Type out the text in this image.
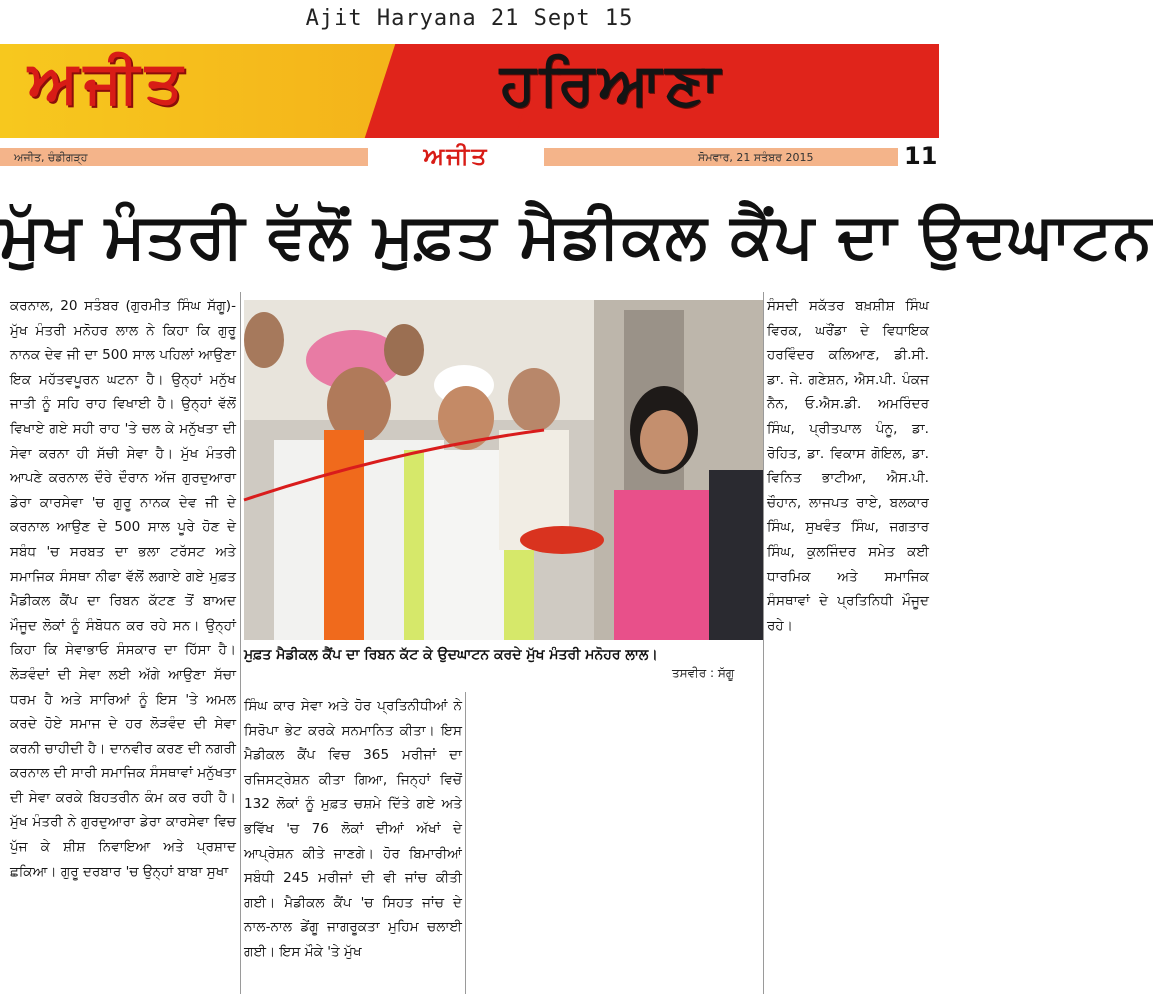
Ajit Haryana 21 Sept 15
ਅਜੀਤ	ਹਰਿਆਣਾ
ਅਜੀਤ, ਚੰਡੀਗੜ੍ਹ	ਅਜੀਤ	ਸੋਮਵਾਰ, 21 ਸਤੰਬਰ 2015	11
ਮੁੱਖ ਮੰਤਰੀ ਵੱਲੋਂ ਮੁਫ਼ਤ ਮੈਡੀਕਲ ਕੈਂਪ ਦਾ ਉਦਘਾਟਨ
ਕਰਨਾਲ, 20 ਸਤੰਬਰ (ਗੁਰਮੀਤ ਸਿੰਘ ਸੱਗੂ)- ਮੁੱਖ ਮੰਤਰੀ ਮਨੋਹਰ ਲਾਲ ਨੇ ਕਿਹਾ ਕਿ ਗੁਰੂ ਨਾਨਕ ਦੇਵ ਜੀ ਦਾ 500 ਸਾਲ ਪਹਿਲਾਂ ਆਉਣਾ ਇਕ ਮਹੱਤਵਪੂਰਨ ਘਟਨਾ ਹੈ। ਉਨ੍ਹਾਂ ਮਨੁੱਖ ਜਾਤੀ ਨੂੰ ਸਹਿ ਰਾਹ ਵਿਖਾਈ ਹੈ। ਉਨ੍ਹਾਂ ਵੱਲੋਂ ਵਿਖਾਏ ਗਏ ਸਹੀ ਰਾਹ 'ਤੇ ਚਲ ਕੇ ਮਨੁੱਖਤਾ ਦੀ ਸੇਵਾ ਕਰਨਾ ਹੀ ਸੱਚੀ ਸੇਵਾ ਹੈ। ਮੁੱਖ ਮੰਤਰੀ ਆਪਣੇ ਕਰਨਾਲ ਦੌਰੇ ਦੌਰਾਨ ਅੱਜ ਗੁਰਦੁਆਰਾ ਡੇਰਾ ਕਾਰਸੇਵਾ 'ਚ ਗੁਰੂ ਨਾਨਕ ਦੇਵ ਜੀ ਦੇ ਕਰਨਾਲ ਆਉਣ ਦੇ 500 ਸਾਲ ਪੂਰੇ ਹੋਣ ਦੇ ਸਬੰਧ 'ਚ ਸਰਬਤ ਦਾ ਭਲਾ ਟਰੱਸਟ ਅਤੇ ਸਮਾਜਿਕ ਸੰਸਥਾ ਨੀਫਾ ਵੱਲੋਂ ਲਗਾਏ ਗਏ ਮੁਫ਼ਤ ਮੈਡੀਕਲ ਕੈਂਪ ਦਾ ਰਿਬਨ ਕੱਟਣ ਤੋਂ ਬਾਅਦ ਮੌਜੂਦ ਲੋਕਾਂ ਨੂੰ ਸੰਬੋਧਨ ਕਰ ਰਹੇ ਸਨ। ਉਨ੍ਹਾਂ ਕਿਹਾ ਕਿ ਸੇਵਾਭਾਓ ਸੰਸਕਾਰ ਦਾ ਹਿੱਸਾ ਹੈ। ਲੋੜਵੰਦਾਂ ਦੀ ਸੇਵਾ ਲਈ ਅੱਗੇ ਆਉਣਾ ਸੱਚਾ ਧਰਮ ਹੈ ਅਤੇ ਸਾਰਿਆਂ ਨੂੰ ਇਸ 'ਤੇ ਅਮਲ ਕਰਦੇ ਹੋਏ ਸਮਾਜ ਦੇ ਹਰ ਲੋੜਵੰਦ ਦੀ ਸੇਵਾ ਕਰਨੀ ਚਾਹੀਦੀ ਹੈ। ਦਾਨਵੀਰ ਕਰਣ ਦੀ ਨਗਰੀ ਕਰਨਾਲ ਦੀ ਸਾਰੀ ਸਮਾਜਿਕ ਸੰਸਥਾਵਾਂ ਮਨੁੱਖਤਾ ਦੀ ਸੇਵਾ ਕਰਕੇ ਬਿਹਤਰੀਨ ਕੰਮ ਕਰ ਰਹੀ ਹੈ। ਮੁੱਖ ਮੰਤਰੀ ਨੇ ਗੁਰਦੁਆਰਾ ਡੇਰਾ ਕਾਰਸੇਵਾ ਵਿਚ ਪੁੱਜ ਕੇ ਸ਼ੀਸ਼ ਨਿਵਾਇਆ ਅਤੇ ਪ੍ਰਸ਼ਾਦ ਛਕਿਆ। ਗੁਰੂ ਦਰਬਾਰ 'ਚ ਉਨ੍ਹਾਂ ਬਾਬਾ ਸੁਖਾ
ਮੁਫ਼ਤ ਮੈਡੀਕਲ ਕੈਂਪ ਦਾ ਰਿਬਨ ਕੱਟ ਕੇ ਉਦਘਾਟਨ ਕਰਦੇ ਮੁੱਖ ਮੰਤਰੀ ਮਨੋਹਰ ਲਾਲ।
ਤਸਵੀਰ : ਸੱਗੂ
ਸਿੰਘ ਕਾਰ ਸੇਵਾ ਅਤੇ ਹੋਰ ਪ੍ਰਤਿਨੀਧੀਆਂ ਨੇ ਸਿਰੋਪਾ ਭੇਟ ਕਰਕੇ ਸਨਮਾਨਿਤ ਕੀਤਾ। ਇਸ ਮੈਡੀਕਲ ਕੈਂਪ ਵਿਚ 365 ਮਰੀਜਾਂ ਦਾ ਰਜਿਸਟ੍ਰੇਸ਼ਨ ਕੀਤਾ ਗਿਆ, ਜਿਨ੍ਹਾਂ ਵਿਚੋਂ 132 ਲੋਕਾਂ ਨੂੰ ਮੁਫ਼ਤ ਚਸ਼ਮੇ ਦਿੱਤੇ ਗਏ ਅਤੇ ਭਵਿੱਖ 'ਚ 76 ਲੋਕਾਂ ਦੀਆਂ ਅੱਖਾਂ ਦੇ ਆਪ੍ਰੇਸ਼ਨ ਕੀਤੇ ਜਾਣਗੇ। ਹੋਰ ਬਿਮਾਰੀਆਂ ਸਬੰਧੀ 245 ਮਰੀਜਾਂ ਦੀ ਵੀ ਜਾਂਚ ਕੀਤੀ ਗਈ। ਮੈਡੀਕਲ ਕੈਂਪ 'ਚ ਸਿਹਤ ਜਾਂਚ ਦੇ ਨਾਲ-ਨਾਲ ਡੇਂਗੂ ਜਾਗਰੂਕਤਾ ਮੁਹਿਮ ਚਲਾਈ ਗਈ। ਇਸ ਮੌਕੇ 'ਤੇ ਮੁੱਖ
ਸੰਸਦੀ ਸਕੱਤਰ ਬਖ਼ਸ਼ੀਸ਼ ਸਿੰਘ ਵਿਰਕ, ਘਰੌਂਡਾ ਦੇ ਵਿਧਾਇਕ ਹਰਵਿੰਦਰ ਕਲਿਆਣ, ਡੀ.ਸੀ. ਡਾ. ਜੇ. ਗਣੇਸ਼ਨ, ਐਸ.ਪੀ. ਪੰਕਜ ਨੈਨ, ਓ.ਐਸ.ਡੀ. ਅਮਰਿੰਦਰ ਸਿੰਘ, ਪ੍ਰੀਤਪਾਲ ਪੰਨੂ, ਡਾ. ਰੋਹਿਤ, ਡਾ. ਵਿਕਾਸ ਗੋਇਲ, ਡਾ. ਵਿਨਿਤ ਭਾਟੀਆ, ਐਸ.ਪੀ. ਚੌਹਾਨ, ਲਾਜਪਤ ਰਾਏ, ਬਲਕਾਰ ਸਿੰਘ, ਸੁਖਵੰਤ ਸਿੰਘ, ਜਗਤਾਰ ਸਿੰਘ, ਕੁਲਜਿੰਦਰ ਸਮੇਤ ਕਈ ਧਾਰਮਿਕ ਅਤੇ ਸਮਾਜਿਕ ਸੰਸਥਾਵਾਂ ਦੇ ਪ੍ਰਤਿਨਿਧੀ ਮੌਜੂਦ ਰਹੇ।
